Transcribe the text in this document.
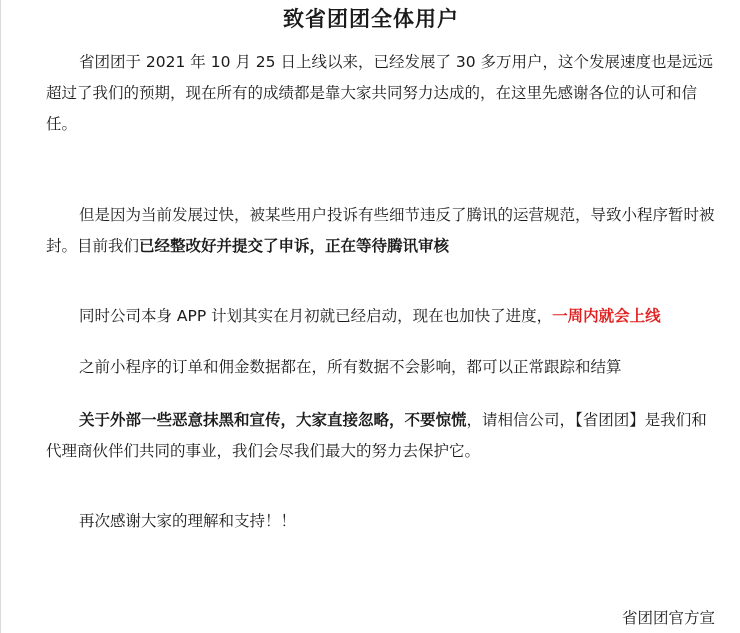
致省团团全体用户

省团团于 2021 年 10 月 25 日上线以来，已经发展了 30 多万用户，这个发展速度也是远远超过了我们的预期，现在所有的成绩都是靠大家共同努力达成的，在这里先感谢各位的认可和信任。

但是因为当前发展过快，被某些用户投诉有些细节违反了腾讯的运营规范，导致小程序暂时被封。目前我们已经整改好并提交了申诉，正在等待腾讯审核

同时公司本身 APP 计划其实在月初就已经启动，现在也加快了进度，一周内就会上线

之前小程序的订单和佣金数据都在，所有数据不会影响，都可以正常跟踪和结算

关于外部一些恶意抹黑和宣传，大家直接忽略，不要惊慌，请相信公司，【省团团】是我们和代理商伙伴们共同的事业，我们会尽我们最大的努力去保护它。

再次感谢大家的理解和支持！！

省团团官方宣
